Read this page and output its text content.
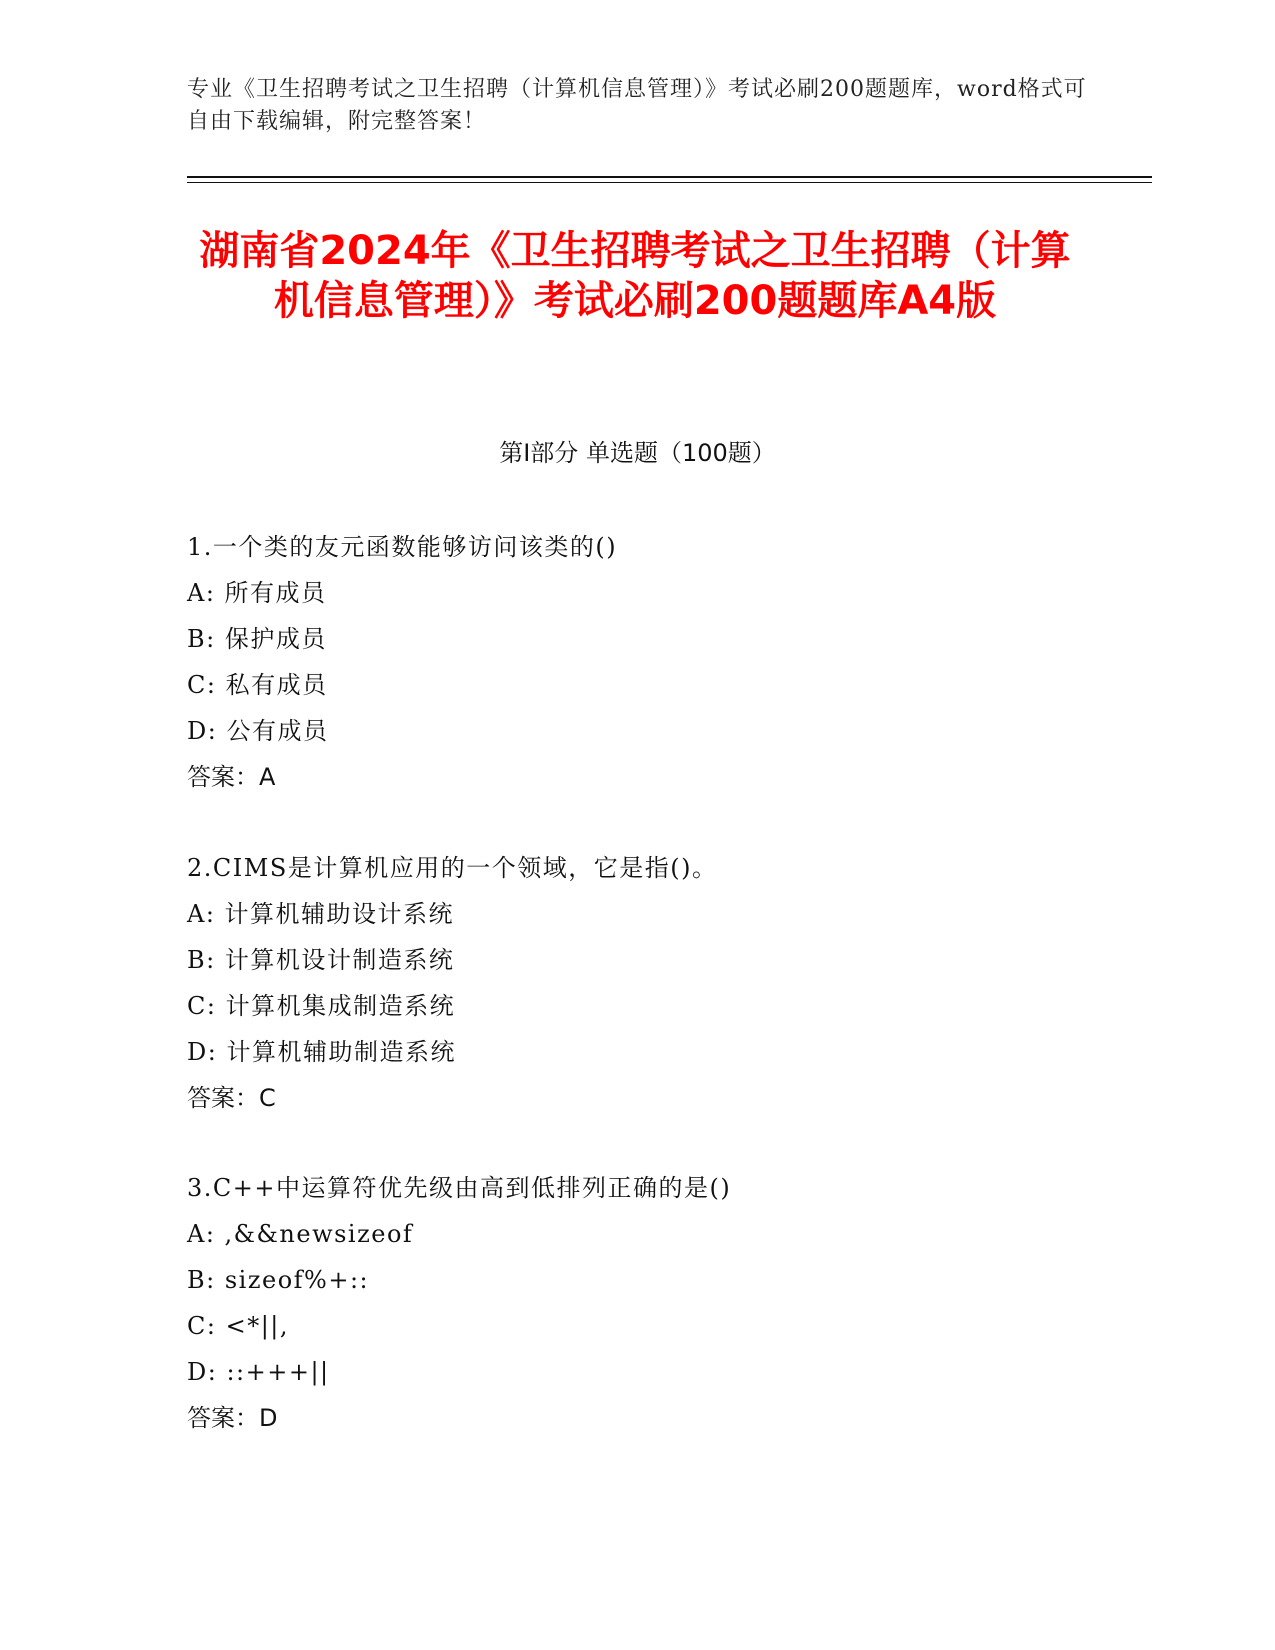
专业《卫生招聘考试之卫生招聘（计算机信息管理）》考试必刷200题题库，word格式可自由下载编辑，附完整答案！
湖南省2024年《卫生招聘考试之卫生招聘（计算机信息管理）》考试必刷200题题库A4版
第Ⅰ部分 单选题（100题）
1.一个类的友元函数能够访问该类的()
A: 所有成员
B: 保护成员
C: 私有成员
D: 公有成员
答案：A
2.CIMS是计算机应用的一个领域，它是指()。
A: 计算机辅助设计系统
B: 计算机设计制造系统
C: 计算机集成制造系统
D: 计算机辅助制造系统
答案：C
3.C++中运算符优先级由高到低排列正确的是()
A: ,&&newsizeof
B: sizeof%+::
C: <*||,
D: ::+++||
答案：D
